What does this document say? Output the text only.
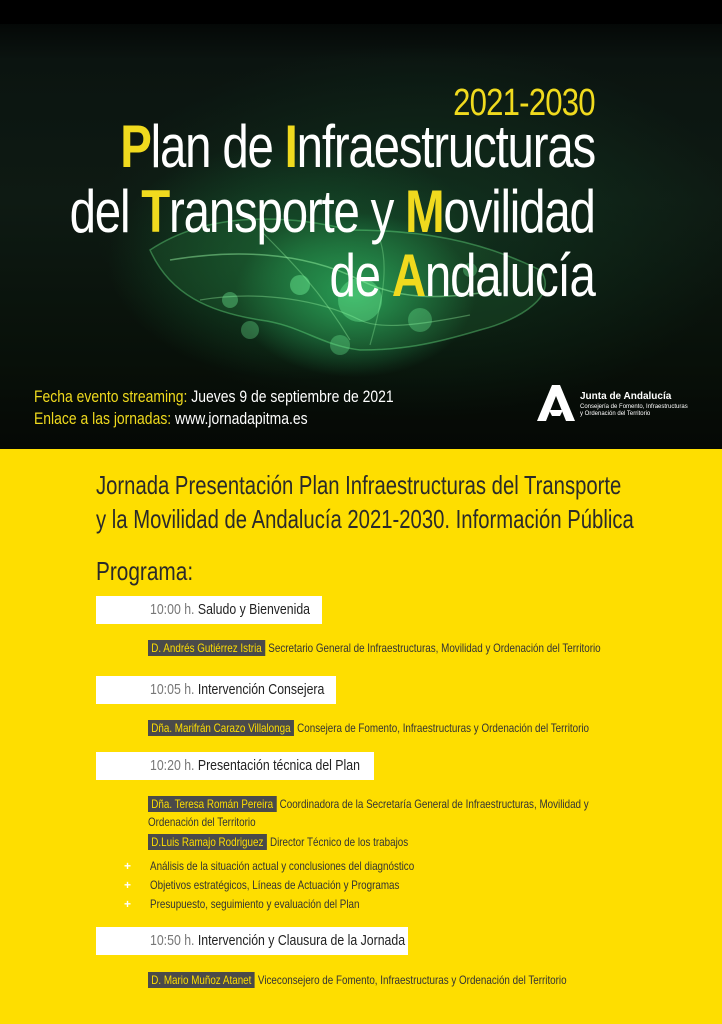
2021-2030
Plan de Infraestructuras
del Transporte y Movilidad
de Andalucía
Fecha evento streaming: Jueves 9 de septiembre de 2021
Enlace a las jornadas: www.jornadapitma.es
Junta de Andalucía
Consejería de Fomento, Infraestructuras
y Ordenación del Territorio
Jornada Presentación Plan Infraestructuras del Transporte
y la Movilidad de Andalucía 2021-2030. Información Pública
Programa:
10:00 h. Saludo y Bienvenida
D. Andrés Gutiérrez Istria Secretario General de Infraestructuras, Movilidad y Ordenación del Territorio
10:05 h. Intervención Consejera
Dña. Marifrán Carazo Villalonga Consejera de Fomento, Infraestructuras y Ordenación del Territorio
10:20 h. Presentación técnica del Plan
Dña. Teresa Román Pereira Coordinadora de la Secretaría General de Infraestructuras, Movilidad y
Ordenación del Territorio
D.Luis Ramajo Rodriguez Director Técnico de los trabajos
+ Análisis de la situación actual y conclusiones del diagnóstico
+ Objetivos estratégicos, Líneas de Actuación y Programas
+ Presupuesto, seguimiento y evaluación del Plan
10:50 h. Intervención y Clausura de la Jornada
D. Mario Muñoz Atanet Viceconsejero de Fomento, Infraestructuras y Ordenación del Territorio
